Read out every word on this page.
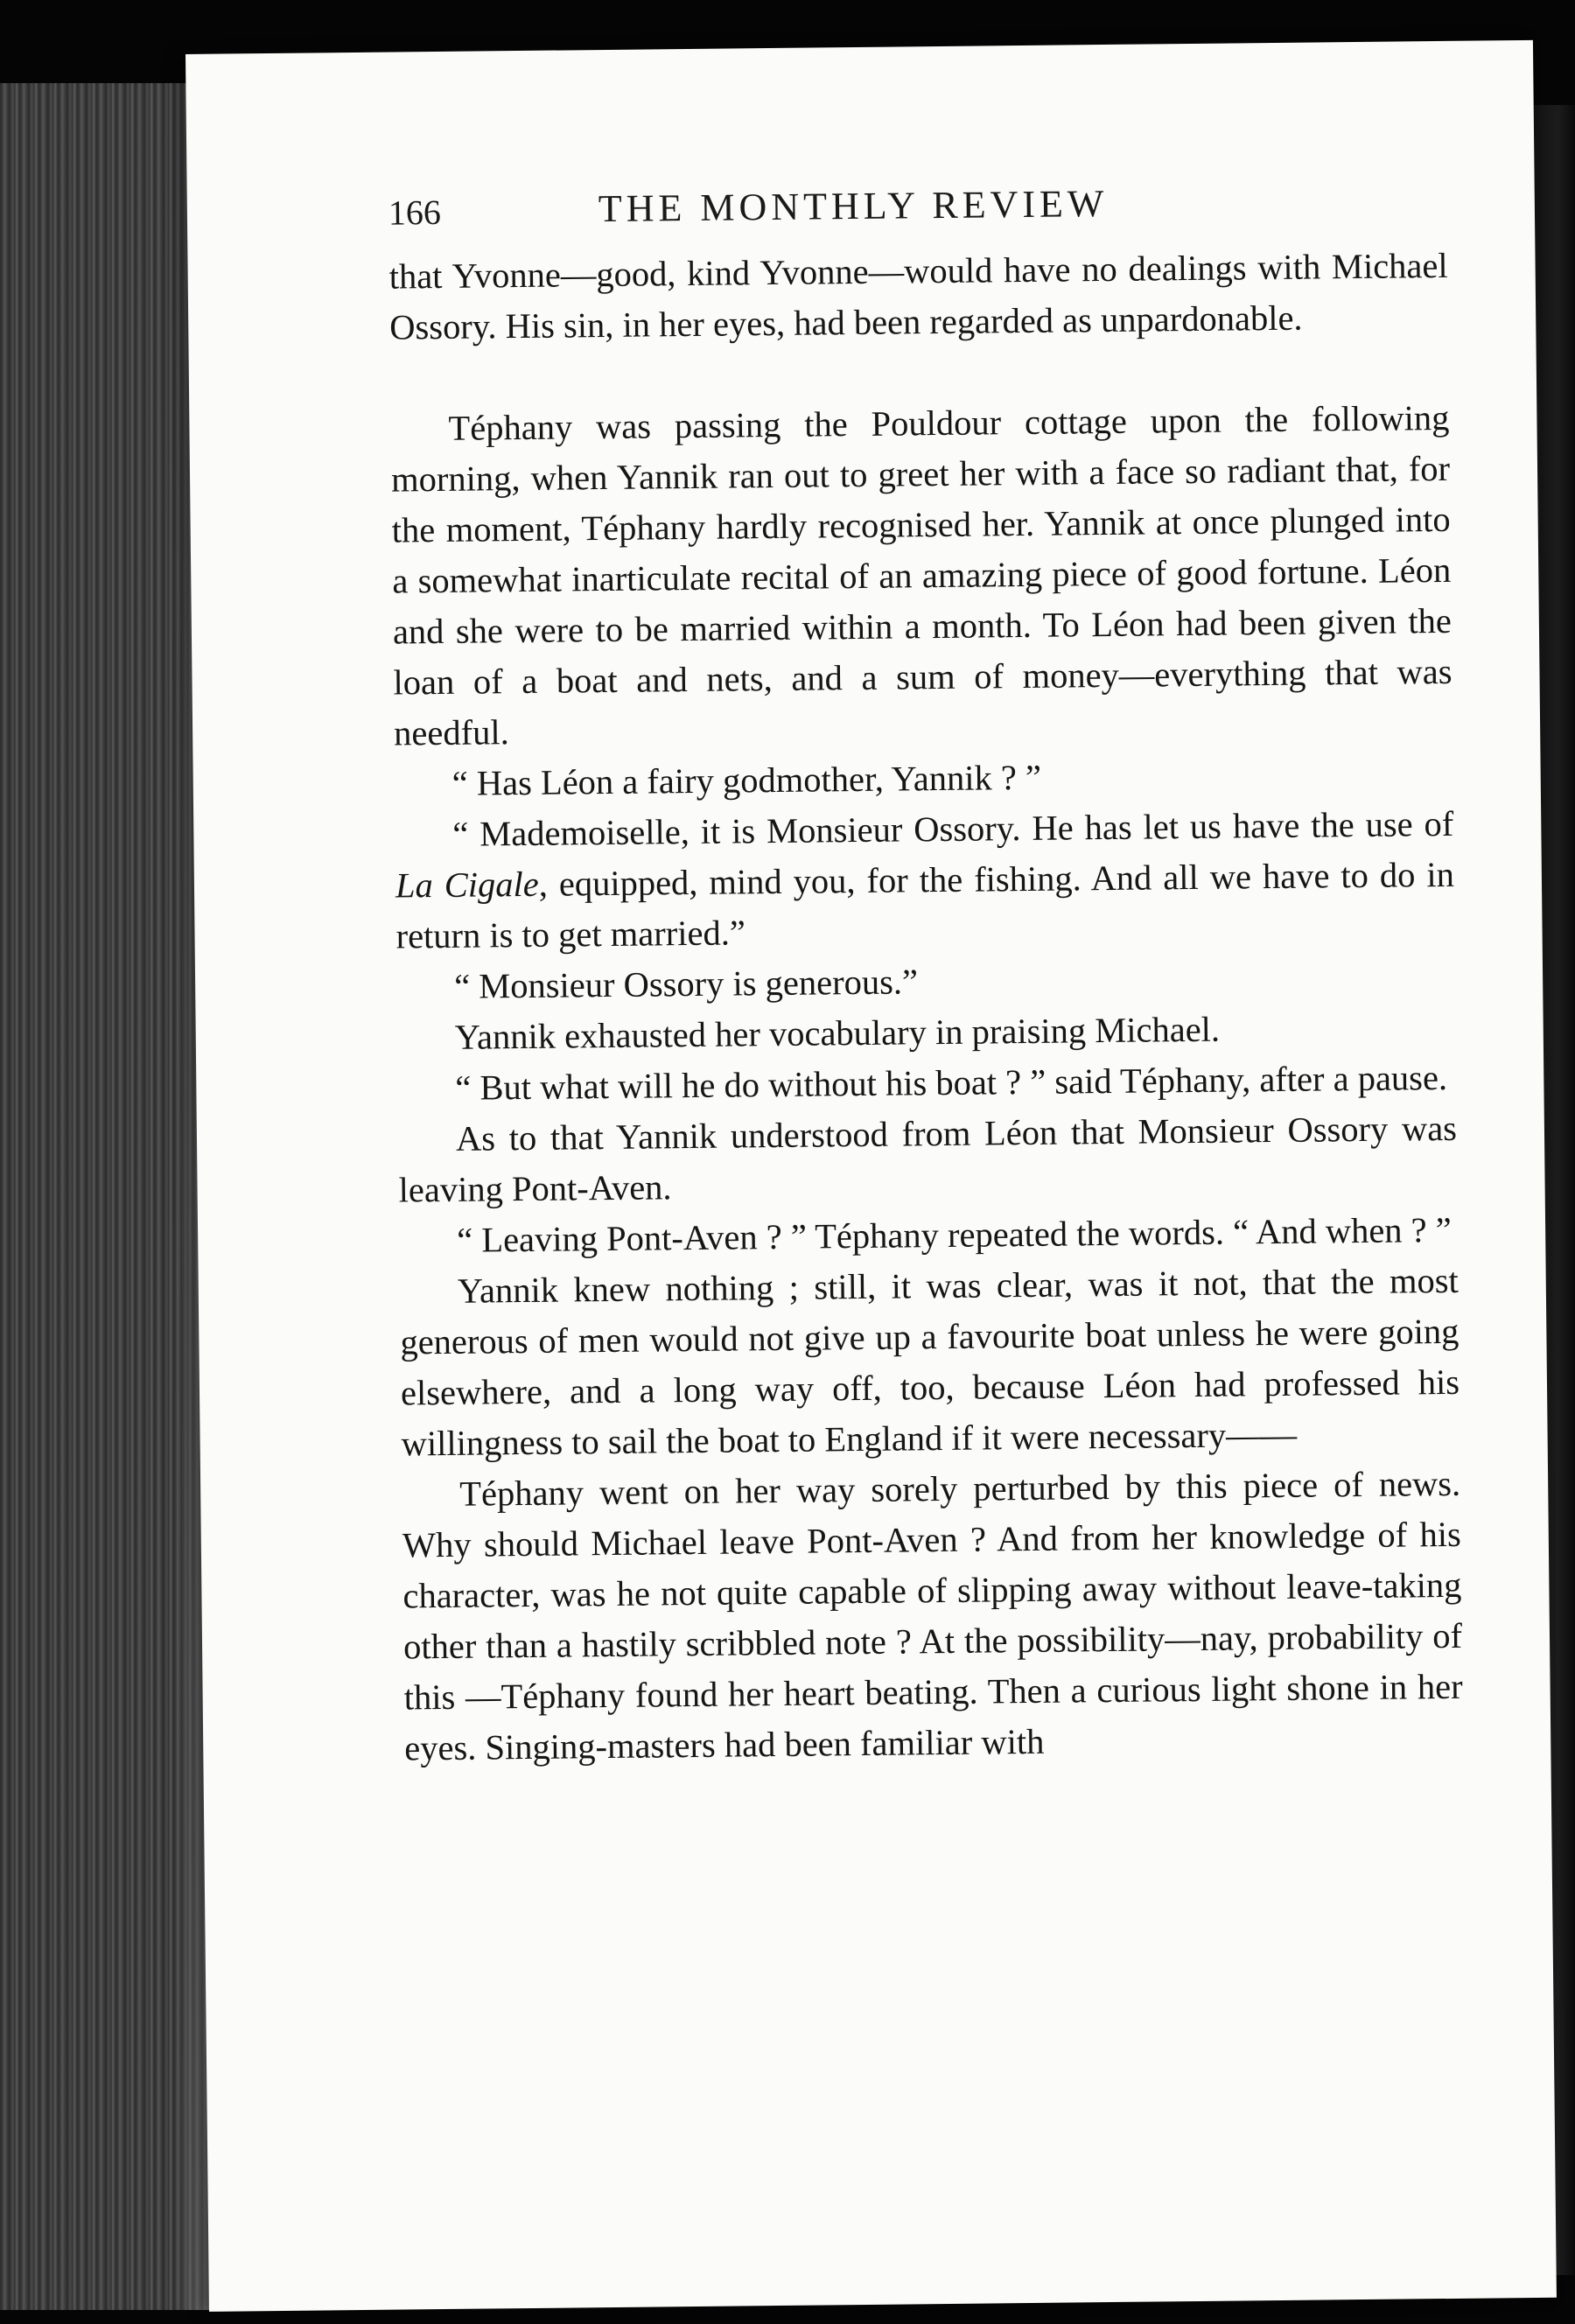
166	THE MONTHLY REVIEW

that Yvonne—good, kind Yvonne—would have no dealings with Michael Ossory. His sin, in her eyes, had been regarded as unpardonable.

Téphany was passing the Pouldour cottage upon the following morning, when Yannik ran out to greet her with a face so radiant that, for the moment, Téphany hardly recognised her. Yannik at once plunged into a somewhat inarticulate recital of an amazing piece of good fortune. Léon and she were to be married within a month. To Léon had been given the loan of a boat and nets, and a sum of money—everything that was needful.

“ Has Léon a fairy godmother, Yannik ? ”

“ Mademoiselle, it is Monsieur Ossory. He has let us have the use of La Cigale, equipped, mind you, for the fishing. And all we have to do in return is to get married.”

“ Monsieur Ossory is generous.”

Yannik exhausted her vocabulary in praising Michael.

“ But what will he do without his boat ? ” said Téphany, after a pause.

As to that Yannik understood from Léon that Monsieur Ossory was leaving Pont-Aven.

“ Leaving Pont-Aven ? ” Téphany repeated the words. “ And when ? ”

Yannik knew nothing ; still, it was clear, was it not, that the most generous of men would not give up a favourite boat unless he were going elsewhere, and a long way off, too, because Léon had professed his willingness to sail the boat to England if it were necessary——

Téphany went on her way sorely perturbed by this piece of news. Why should Michael leave Pont-Aven ? And from her knowledge of his character, was he not quite capable of slipping away without leave-taking other than a hastily scribbled note ? At the possibility—nay, probability of this —Téphany found her heart beating. Then a curious light shone in her eyes. Singing-masters had been familiar with
